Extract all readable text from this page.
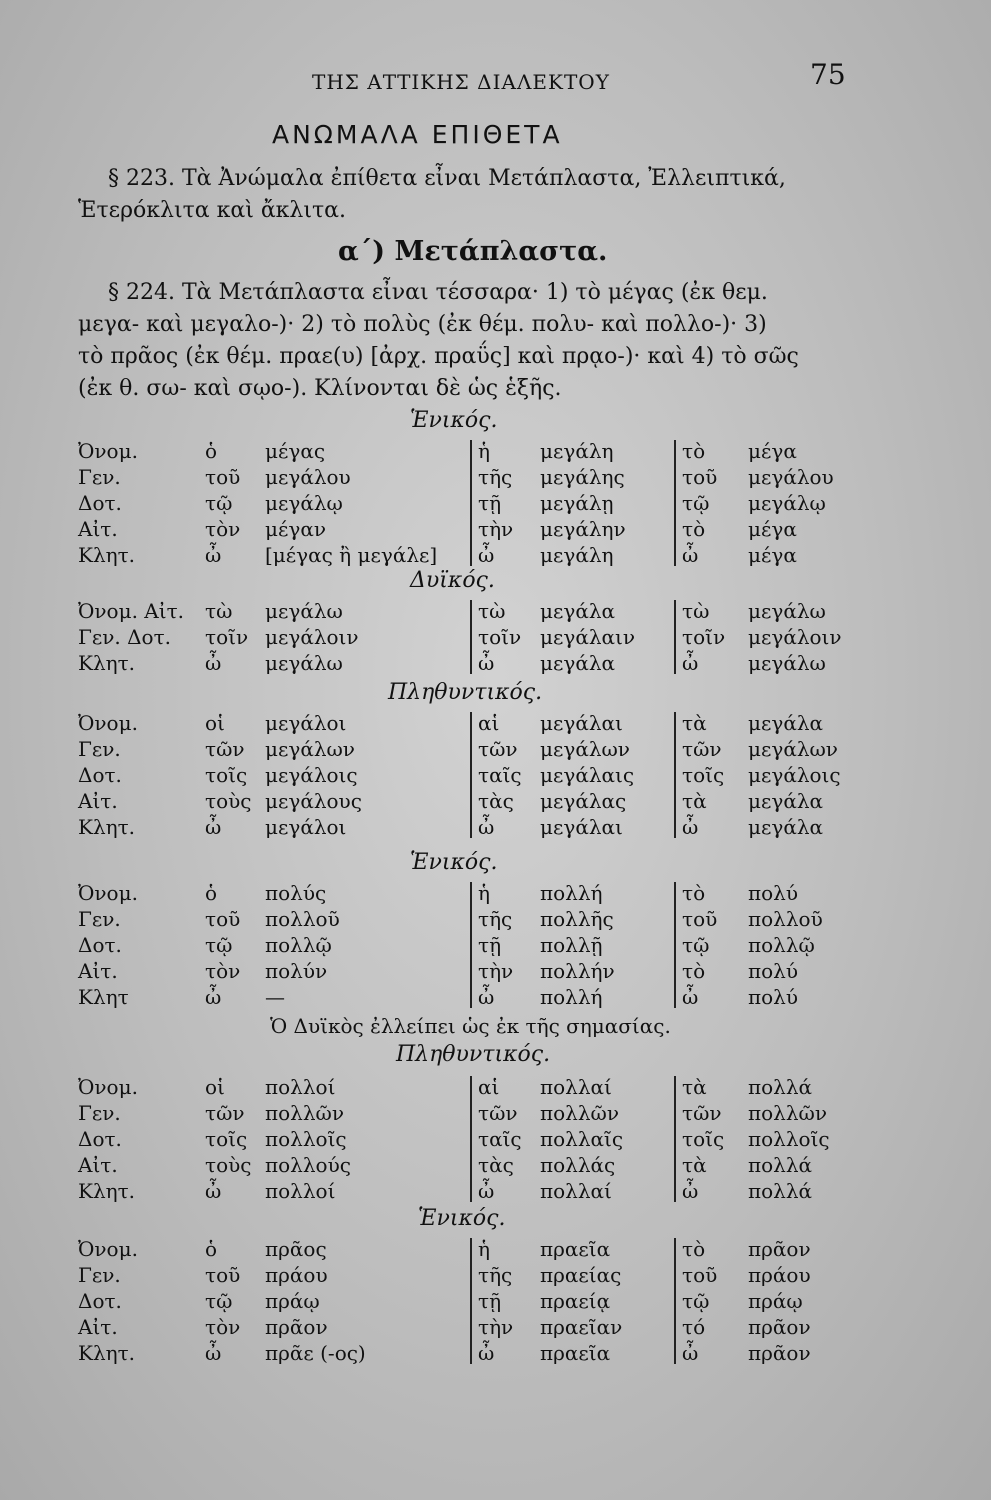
ΤΗΣ ΑΤΤΙΚΗΣ ΔΙΑΛΕΚΤΟΥ	75
ΑΝΩΜΑΛΑ ΕΠΙΘΕΤΑ
§ 223. Τὰ Ἀνώμαλα ἐπίθετα εἶναι Μετάπλαστα, Ἐλλειπτικά,
Ἑτερόκλιτα καὶ ἄκλιτα.
α΄) Μετάπλαστα.
§ 224. Τὰ Μετάπλαστα εἶναι τέσσαρα· 1) τὸ μέγας (ἐκ θεμ.
μεγα- καὶ μεγαλο-)· 2) τὸ πολὺς (ἐκ θέμ. πολυ- καὶ πολλο-)· 3)
τὸ πρᾶος (ἐκ θέμ. πραε(υ) [ἀρχ. πραΰς] καὶ πρᾳο-)· καὶ 4) τὸ σῶς
(ἐκ θ. σω- καὶ σῳο-). Κλίνονται δὲ ὡς ἑξῆς.
Ἑνικός.
Ὀνομ.	ὁ μέγας	ἡ	μεγάλη	τὸ μέγα
Γεν.	τοῦ μεγάλου	τῆς μεγάλης	τοῦ μεγάλου
Δοτ.	τῷ μεγάλῳ	τῇ μεγάλῃ	τῷ μεγάλῳ
Αἰτ.	τὸν μέγαν	τὴν μεγάλην	τὸ μέγα
Κλητ.	ὦ [μέγας ἢ μεγάλε] ὦ μεγάλη	ὦ μέγα
Δυϊκός.
Ὀνομ. Αἰτ. τὼ μεγάλω	τὼ μεγάλα	τὼ μεγάλω
Γεν. Δοτ. τοῖν μεγάλοιν	τοῖν μεγάλαιν τοῖν μεγάλοιν
Κλητ.	ὦ μεγάλω	ὦ μεγάλα	ὦ μεγάλω
Πληθυντικός.
Ὀνομ.	οἱ μεγάλοι	αἱ μεγάλαι	τὰ μεγάλα
Γεν.	τῶν μεγάλων	τῶν μεγάλων	τῶν μεγάλων
Δοτ.	τοῖς μεγάλοις	ταῖς μεγάλαις τοῖς μεγάλοις
Αἰτ.	τοὺς μεγάλους	τὰς μεγάλας	τὰ μεγάλα
Κλητ.	ὦ μεγάλοι	ὦ μεγάλαι	ὦ μεγάλα
Ἑνικός.
Ὀνομ.	ὁ πολύς	ἡ	πολλή	τὸ πολύ
Γεν.	τοῦ πολλοῦ	τῆς πολλῆς	τοῦ πολλοῦ
Δοτ.	τῷ πολλῷ	τῇ πολλῇ	τῷ πολλῷ
Αἰτ.	τὸν πολύν	τὴν πολλήν	τὸ πολύ
Κλητ	ὦ —	ὦ πολλή	ὦ πολύ
Ὁ Δυϊκὸς ἐλλείπει ὡς ἐκ τῆς σημασίας.
Πληθυντικός.
Ὀνομ.	οἱ πολλοί	αἱ πολλαί	τὰ πολλά
Γεν.	τῶν πολλῶν	τῶν πολλῶν	τῶν πολλῶν
Δοτ.	τοῖς πολλοῖς	ταῖς πολλαῖς	τοῖς πολλοῖς
Αἰτ.	τοὺς πολλούς	τὰς πολλάς	τὰ πολλά
Κλητ.	ὦ πολλοί	ὦ πολλαί	ὦ πολλά
Ἑνικός.
Ὀνομ.	ὁ πρᾶος	ἡ	πραεῖα	τὸ πρᾶον
Γεν.	τοῦ πράου	τῆς πραείας	τοῦ πράου
Δοτ.	τῷ πράῳ	τῇ πραείᾳ	τῷ πράῳ
Αἰτ.	τὸν πρᾶον	τὴν πραεῖαν	τό πρᾶον
Κλητ.	ὦ πρᾶε (-ος)	ὦ πραεῖα	ὦ πρᾶον
